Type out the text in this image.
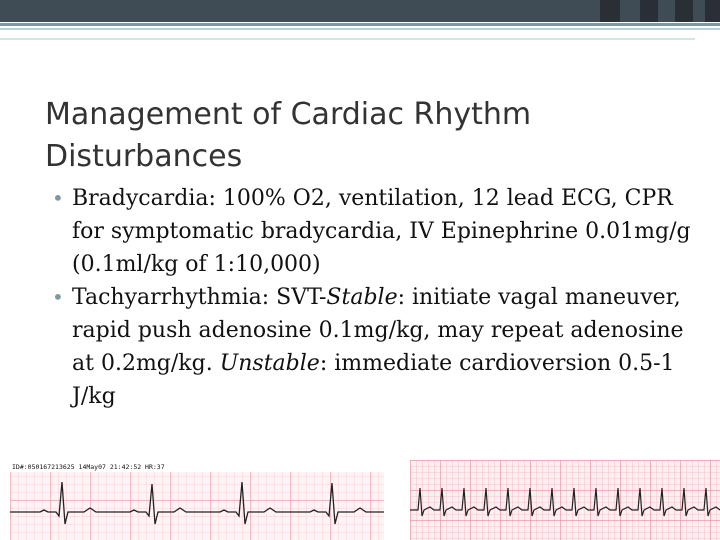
Management of Cardiac Rhythm Disturbances
• Bradycardia: 100% O2, ventilation, 12 lead ECG, CPR for symptomatic bradycardia, IV Epinephrine 0.01mg/g (0.1ml/kg of 1:10,000)
• Tachyarrhythmia: SVT-Stable: initiate vagal maneuver, rapid push adenosine 0.1mg/kg, may repeat adenosine at 0.2mg/kg. Unstable: immediate cardioversion 0.5-1 J/kg
ID#:050167213625 14May07 21:42:52 HR:37
